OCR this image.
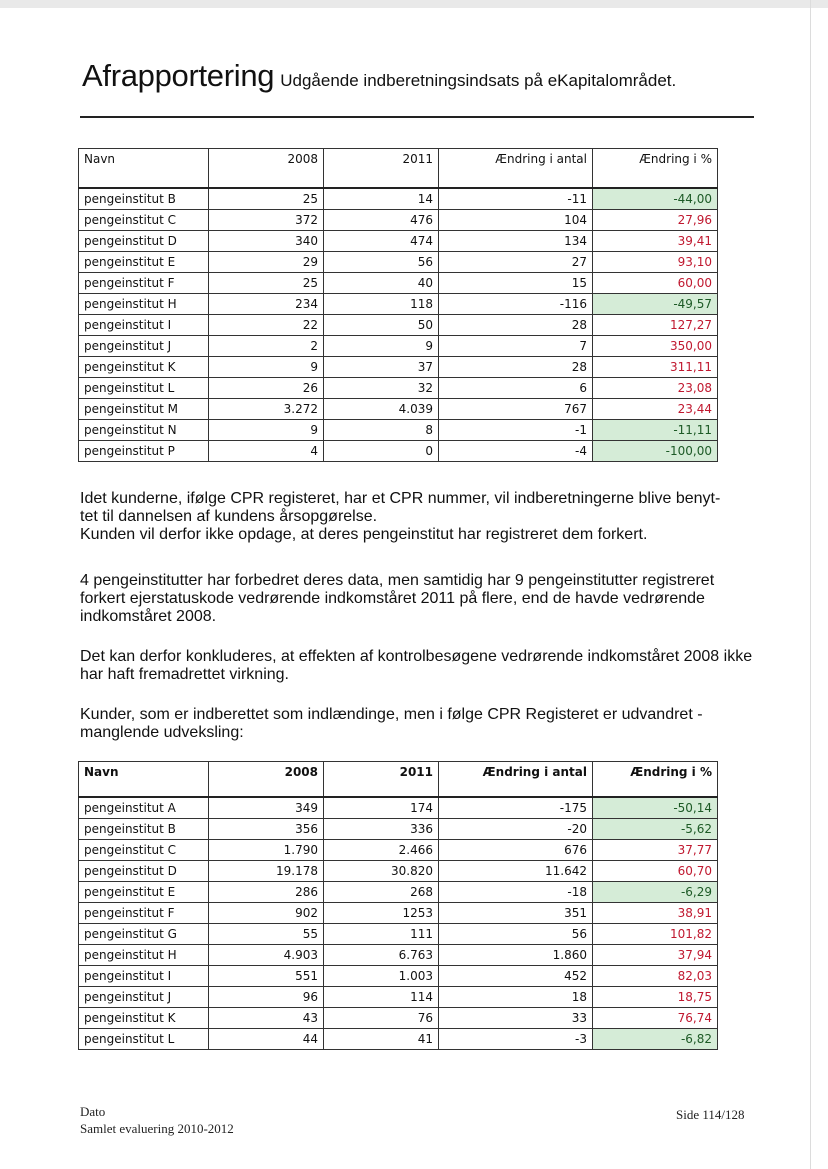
Afrapportering Udgående indberetningsindsats på eKapitalområdet.
Navn	2008	2011	Ændring i antal	Ændring i %
pengeinstitut B	25	14	-11	-44,00
pengeinstitut C	372	476	104	27,96
pengeinstitut D	340	474	134	39,41
pengeinstitut E	29	56	27	93,10
pengeinstitut F	25	40	15	60,00
pengeinstitut H	234	118	-116	-49,57
pengeinstitut I	22	50	28	127,27
pengeinstitut J	2	9	7	350,00
pengeinstitut K	9	37	28	311,11
pengeinstitut L	26	32	6	23,08
pengeinstitut M	3.272	4.039	767	23,44
pengeinstitut N	9	8	-1	-11,11
pengeinstitut P	4	0	-4	-100,00
Idet kunderne, ifølge CPR registeret, har et CPR nummer, vil indberetningerne blive benyt-
tet til dannelsen af kundens årsopgørelse.
Kunden vil derfor ikke opdage, at deres pengeinstitut har registreret dem forkert.
4 pengeinstitutter har forbedret deres data, men samtidig har 9 pengeinstitutter registreret forkert ejerstatuskode vedrørende indkomståret 2011 på flere, end de havde vedrørende indkomståret 2008.
Det kan derfor konkluderes, at effekten af kontrolbesøgene vedrørende indkomståret 2008 ikke har haft fremadrettet virkning.
Kunder, som er indberettet som indlændinge, men i følge CPR Registeret er udvandret - manglende udveksling:
Navn	2008	2011	Ændring i antal	Ændring i %
pengeinstitut A	349	174	-175	-50,14
pengeinstitut B	356	336	-20	-5,62
pengeinstitut C	1.790	2.466	676	37,77
pengeinstitut D	19.178	30.820	11.642	60,70
pengeinstitut E	286	268	-18	-6,29
pengeinstitut F	902	1253	351	38,91
pengeinstitut G	55	111	56	101,82
pengeinstitut H	4.903	6.763	1.860	37,94
pengeinstitut I	551	1.003	452	82,03
pengeinstitut J	96	114	18	18,75
pengeinstitut K	43	76	33	76,74
pengeinstitut L	44	41	-3	-6,82
Dato
Samlet evaluering 2010-2012
Side 114/128
